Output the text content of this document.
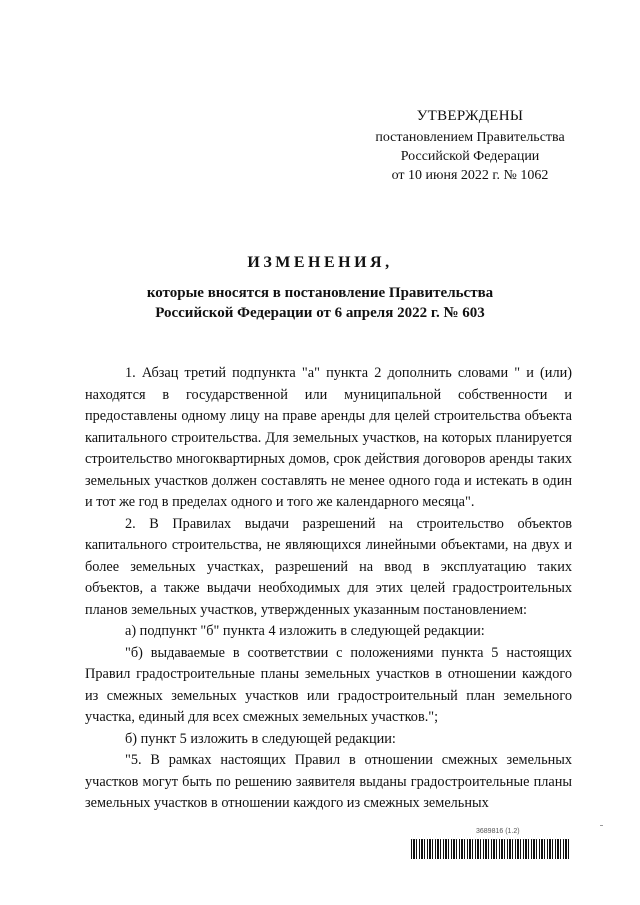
УТВЕРЖДЕНЫ
постановлением Правительства
Российской Федерации
от 10 июня 2022 г. № 1062
ИЗМЕНЕНИЯ,
которые вносятся в постановление Правительства
Российской Федерации от 6 апреля 2022 г. № 603

1. Абзац третий подпункта "а" пункта 2 дополнить словами " и (или) находятся в государственной или муниципальной собственности и предоставлены одному лицу на праве аренды для целей строительства объекта капитального строительства. Для земельных участков, на которых планируется строительство многоквартирных домов, срок действия договоров аренды таких земельных участков должен составлять не менее одного года и истекать в один и тот же год в пределах одного и того же календарного месяца".

2. В Правилах выдачи разрешений на строительство объектов капитального строительства, не являющихся линейными объектами, на двух и более земельных участках, разрешений на ввод в эксплуатацию таких объектов, а также выдачи необходимых для этих целей градостроительных планов земельных участков, утвержденных указанным постановлением:

а) подпункт "б" пункта 4 изложить в следующей редакции:

"б) выдаваемые в соответствии с положениями пункта 5 настоящих Правил градостроительные планы земельных участков в отношении каждого из смежных земельных участков или градостроительный план земельного участка, единый для всех смежных земельных участков.";

б) пункт 5 изложить в следующей редакции:

"5. В рамках настоящих Правил в отношении смежных земельных участков могут быть по решению заявителя выданы градостроительные планы земельных участков в отношении каждого из смежных земельных

3689816 (1.2)
